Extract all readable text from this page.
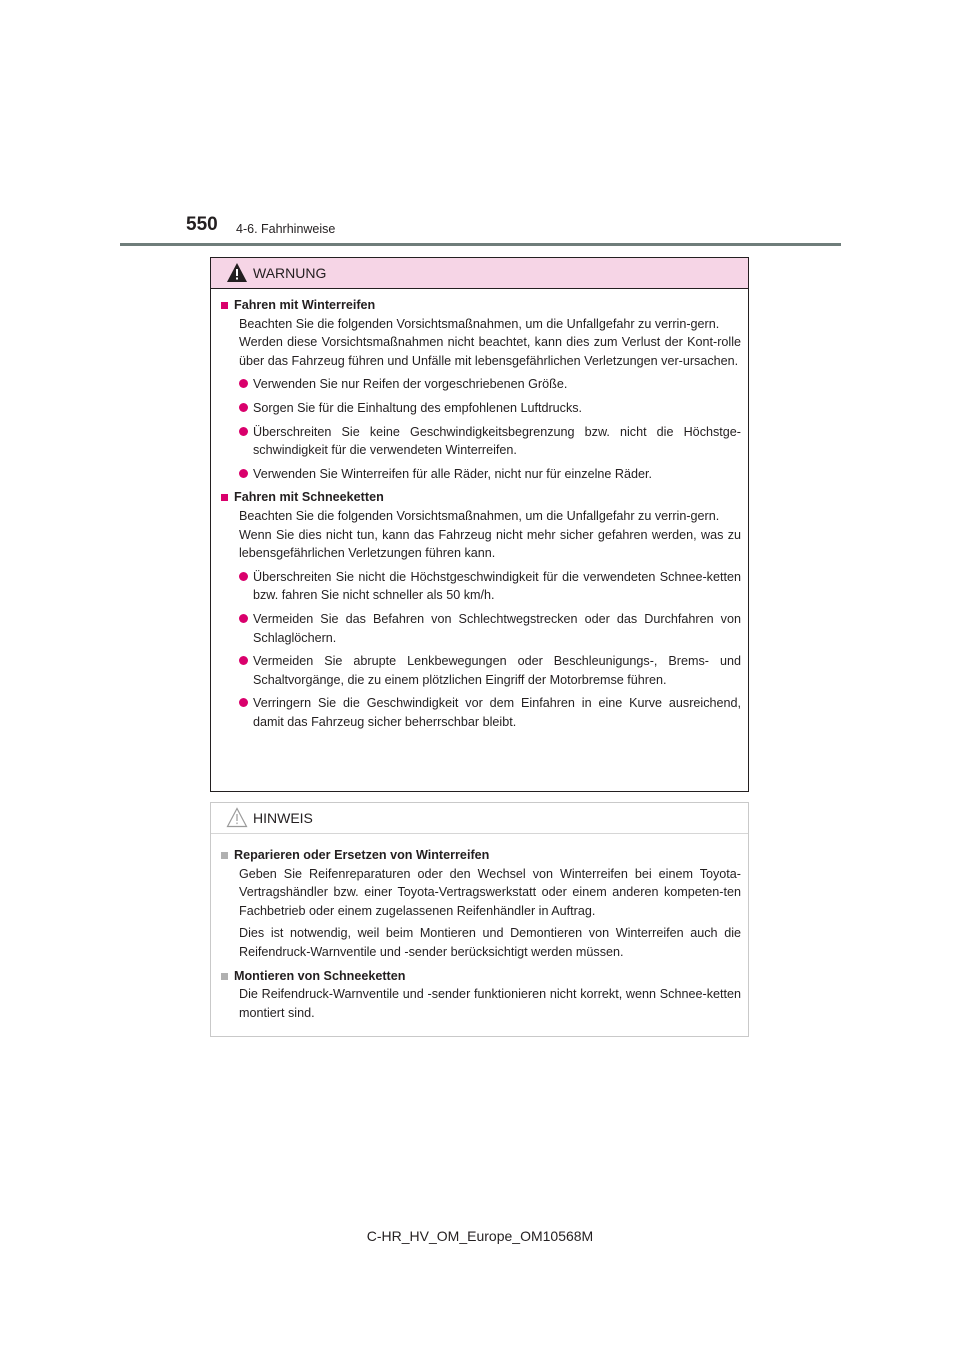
550 4-6. Fahrhinweise
WARNUNG
Fahren mit Winterreifen

Beachten Sie die folgenden Vorsichtsmaßnahmen, um die Unfallgefahr zu verrin-gern.

Werden diese Vorsichtsmaßnahmen nicht beachtet, kann dies zum Verlust der Kont-rolle über das Fahrzeug führen und Unfälle mit lebensgefährlichen Verletzungen ver-ursachen.

Verwenden Sie nur Reifen der vorgeschriebenen Größe.
Sorgen Sie für die Einhaltung des empfohlenen Luftdrucks.
Überschreiten Sie keine Geschwindigkeitsbegrenzung bzw. nicht die Höchstge-schwindigkeit für die verwendeten Winterreifen.
Verwenden Sie Winterreifen für alle Räder, nicht nur für einzelne Räder.
Fahren mit Schneeketten

Beachten Sie die folgenden Vorsichtsmaßnahmen, um die Unfallgefahr zu verrin-gern.

Wenn Sie dies nicht tun, kann das Fahrzeug nicht mehr sicher gefahren werden, was zu lebensgefährlichen Verletzungen führen kann.

Überschreiten Sie nicht die Höchstgeschwindigkeit für die verwendeten Schnee-ketten bzw. fahren Sie nicht schneller als 50 km/h.
Vermeiden Sie das Befahren von Schlechtwegstrecken oder das Durchfahren von Schlaglöchern.
Vermeiden Sie abrupte Lenkbewegungen oder Beschleunigungs-, Brems- und Schaltvorgänge, die zu einem plötzlichen Eingriff der Motorbremse führen.
Verringern Sie die Geschwindigkeit vor dem Einfahren in eine Kurve ausreichend, damit das Fahrzeug sicher beherrschbar bleibt.
HINWEIS
Reparieren oder Ersetzen von Winterreifen

Geben Sie Reifenreparaturen oder den Wechsel von Winterreifen bei einem Toyota-Vertragshändler bzw. einer Toyota-Vertragswerkstatt oder einem anderen kompeten-ten Fachbetrieb oder einem zugelassenen Reifenhändler in Auftrag.

Dies ist notwendig, weil beim Montieren und Demontieren von Winterreifen auch die Reifendruck-Warnventile und -sender berücksichtigt werden müssen.

Montieren von Schneeketten

Die Reifendruck-Warnventile und -sender funktionieren nicht korrekt, wenn Schnee-ketten montiert sind.

C-HR_HV_OM_Europe_OM10568M
